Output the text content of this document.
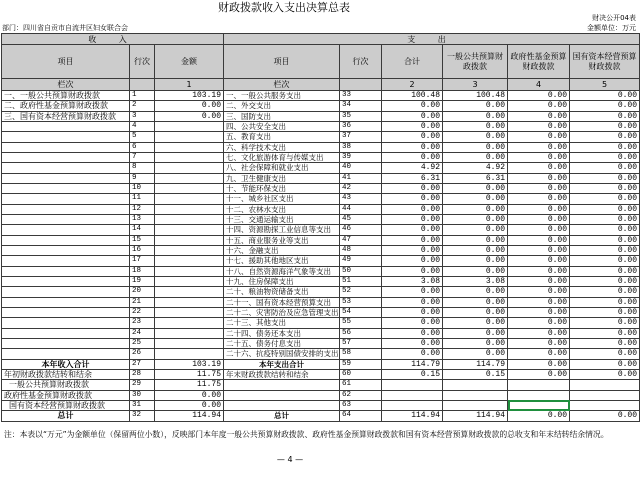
财政拨款收入支出决算总表
财决公开04表
部门：四川省自贡市自流井区妇女联合会	金额单位：万元
收 入			支 出					
项目	行次	金额	项目	行次	合计	一般公共预算财政拨款	政府性基金预算财政拨款	国有资本经营预算财政拨款
栏次		1	栏次		2	3	4	5
一、一般公共预算财政拨款	1	103.19	一、一般公共服务支出	33	100.48	100.48	0.00	0.00
二、政府性基金预算财政拨款	2	0.00	二、外交支出	34	0.00	0.00	0.00	0.00
三、国有资本经营预算财政拨款	3	0.00	三、国防支出	35	0.00	0.00	0.00	0.00
	4		四、公共安全支出	36	0.00	0.00	0.00	0.00
	5		五、教育支出	37	0.00	0.00	0.00	0.00
	6		六、科学技术支出	38	0.00	0.00	0.00	0.00
	7		七、文化旅游体育与传媒支出	39	0.00	0.00	0.00	0.00
	8		八、社会保障和就业支出	40	4.92	4.92	0.00	0.00
	9		九、卫生健康支出	41	6.31	6.31	0.00	0.00
	10		十、节能环保支出	42	0.00	0.00	0.00	0.00
	11		十一、城乡社区支出	43	0.00	0.00	0.00	0.00
	12		十二、农林水支出	44	0.00	0.00	0.00	0.00
	13		十三、交通运输支出	45	0.00	0.00	0.00	0.00
	14		十四、资源勘探工业信息等支出	46	0.00	0.00	0.00	0.00
	15		十五、商业服务业等支出	47	0.00	0.00	0.00	0.00
	16		十六、金融支出	48	0.00	0.00	0.00	0.00
	17		十七、援助其他地区支出	49	0.00	0.00	0.00	0.00
	18		十八、自然资源海洋气象等支出	50	0.00	0.00	0.00	0.00
	19		十九、住房保障支出	51	3.08	3.08	0.00	0.00
	20		二十、粮油物资储备支出	52	0.00	0.00	0.00	0.00
	21		二十一、国有资本经营预算支出	53	0.00	0.00	0.00	0.00
	22		二十二、灾害防治及应急管理支出	54	0.00	0.00	0.00	0.00
	23		二十三、其他支出	55	0.00	0.00	0.00	0.00
	24		二十四、债务还本支出	56	0.00	0.00	0.00	0.00
	25		二十五、债务付息支出	57	0.00	0.00	0.00	0.00
	26		二十六、抗疫特别国债安排的支出	58	0.00	0.00	0.00	0.00
本年收入合计	27	103.19	本年支出合计	59	114.79	114.79	0.00	0.00
年初财政拨款结转和结余	28	11.75	年末财政拨款结转和结余	60	0.15	0.15	0.00	0.00
一般公共预算财政拨款	29	11.75		61				
政府性基金预算财政拨款	30	0.00		62				
国有资本经营预算财政拨款	31	0.00		63				
总计	32	114.94	总计	64	114.94	114.94	0.00	0.00
注：本表以“万元”为金额单位（保留两位小数），反映部门本年度一般公共预算财政拨款、政府性基金预算财政拨款和国有资本经营预算财政拨款的总收支和年末结转结余情况。
— 4 —
